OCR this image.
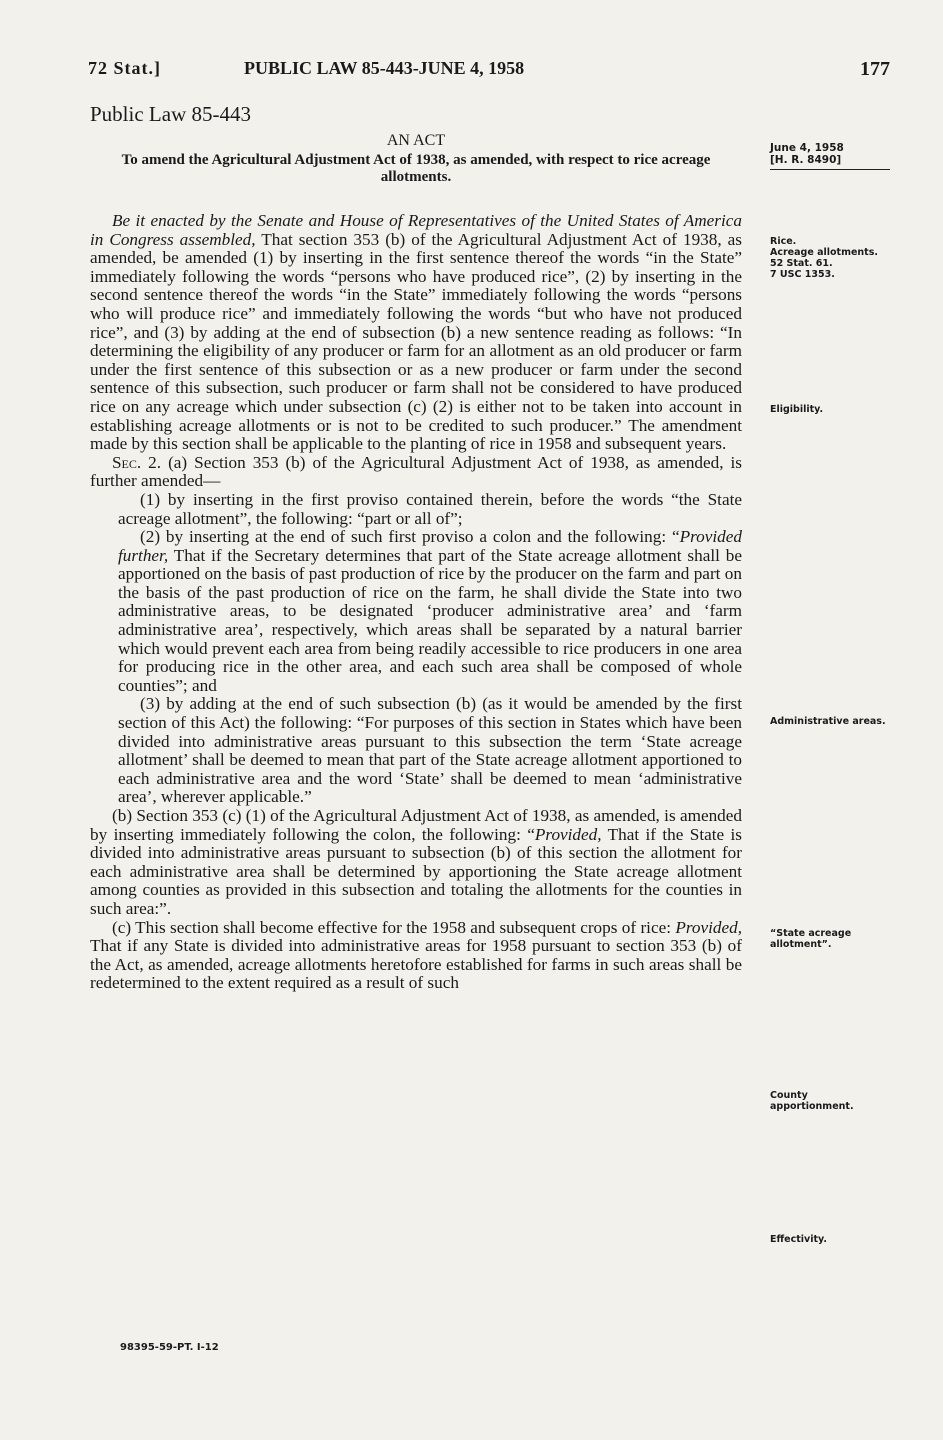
72 Stat.]	PUBLIC LAW 85-443-JUNE 4, 1958	177
Public Law 85-443
AN ACT
To amend the Agricultural Adjustment Act of 1938, as amended, with respect to rice acreage allotments.

Be it enacted by the Senate and House of Representatives of the United States of America in Congress assembled, That section 353 (b) of the Agricultural Adjustment Act of 1938, as amended, be amended (1) by inserting in the first sentence thereof the words “in the State” immediately following the words “persons who have produced rice”, (2) by inserting in the second sentence thereof the words “in the State” immediately following the words “persons who will produce rice” and immediately following the words “but who have not produced rice”, and (3) by adding at the end of subsection (b) a new sentence reading as follows: “In determining the eligibility of any producer or farm for an allotment as an old producer or farm under the first sentence of this subsection or as a new producer or farm under the second sentence of this subsection, such producer or farm shall not be considered to have produced rice on any acreage which under subsection (c) (2) is either not to be taken into account in establishing acreage allotments or is not to be credited to such producer.” The amendment made by this section shall be applicable to the planting of rice in 1958 and subsequent years.

Sec. 2. (a) Section 353 (b) of the Agricultural Adjustment Act of 1938, as amended, is further amended—

(1) by inserting in the first proviso contained therein, before the words “the State acreage allotment”, the following: “part or all of”;

(2) by inserting at the end of such first proviso a colon and the following: “Provided further, That if the Secretary determines that part of the State acreage allotment shall be apportioned on the basis of past production of rice by the producer on the farm and part on the basis of the past production of rice on the farm, he shall divide the State into two administrative areas, to be designated ‘producer administrative area’ and ‘farm administrative area’, respectively, which areas shall be separated by a natural barrier which would prevent each area from being readily accessible to rice producers in one area for producing rice in the other area, and each such area shall be composed of whole counties”; and

(3) by adding at the end of such subsection (b) (as it would be amended by the first section of this Act) the following: “For purposes of this section in States which have been divided into administrative areas pursuant to this subsection the term ‘State acreage allotment’ shall be deemed to mean that part of the State acreage allotment apportioned to each administrative area and the word ‘State’ shall be deemed to mean ‘administrative area’, wherever applicable.”

(b) Section 353 (c) (1) of the Agricultural Adjustment Act of 1938, as amended, is amended by inserting immediately following the colon, the following: “Provided, That if the State is divided into administrative areas pursuant to subsection (b) of this section the allotment for each administrative area shall be determined by apportioning the State acreage allotment among counties as provided in this subsection and totaling the allotments for the counties in such area:”.

(c) This section shall become effective for the 1958 and subsequent crops of rice: Provided, That if any State is divided into administrative areas for 1958 pursuant to section 353 (b) of the Act, as amended, acreage allotments heretofore established for farms in such areas shall be redetermined to the extent required as a result of such

June 4, 1958
[H. R. 8490]
Rice.
Acreage allotments.
52 Stat. 61.
7 USC 1353.
Eligibility.
Administrative areas.
“State acreage allotment”.
County apportionment.
Effectivity.
98395-59-PT. I-12
